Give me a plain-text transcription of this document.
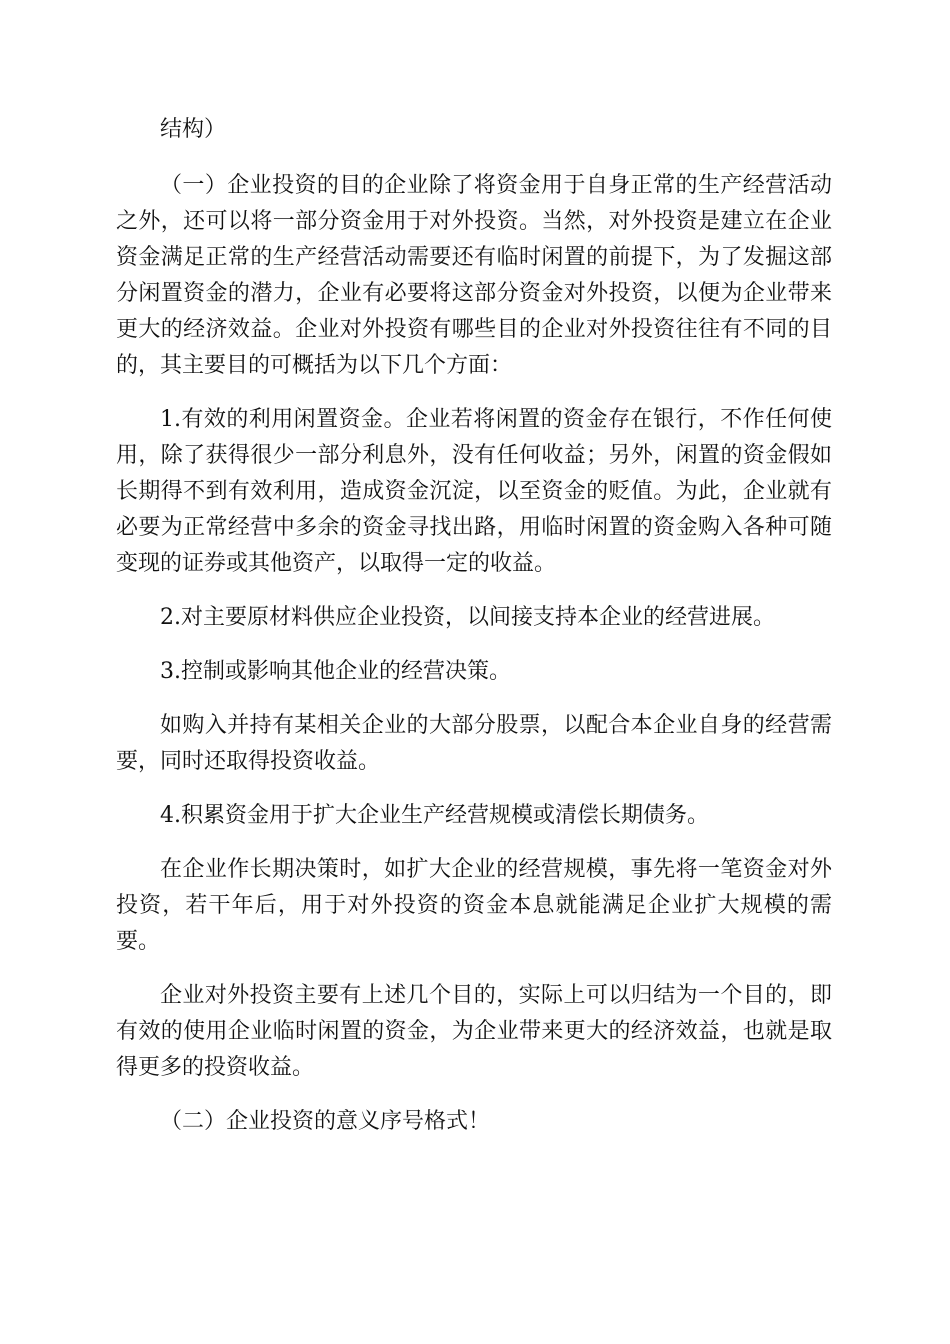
结构）

（一）企业投资的目的企业除了将资金用于自身正常的生产经营活动之外，还可以将一部分资金用于对外投资。当然，对外投资是建立在企业资金满足正常的生产经营活动需要还有临时闲置的前提下，为了发掘这部分闲置资金的潜力，企业有必要将这部分资金对外投资，以便为企业带来更大的经济效益。企业对外投资有哪些目的企业对外投资往往有不同的目的，其主要目的可概括为以下几个方面：

1.有效的利用闲置资金。企业若将闲置的资金存在银行，不作任何使用，除了获得很少一部分利息外，没有任何收益；另外，闲置的资金假如长期得不到有效利用，造成资金沉淀，以至资金的贬值。为此，企业就有必要为正常经营中多余的资金寻找出路，用临时闲置的资金购入各种可随变现的证券或其他资产，以取得一定的收益。

2.对主要原材料供应企业投资，以间接支持本企业的经营进展。

3.控制或影响其他企业的经营决策。

如购入并持有某相关企业的大部分股票，以配合本企业自身的经营需要，同时还取得投资收益。

4.积累资金用于扩大企业生产经营规模或清偿长期债务。

在企业作长期决策时，如扩大企业的经营规模，事先将一笔资金对外投资，若干年后，用于对外投资的资金本息就能满足企业扩大规模的需要。

企业对外投资主要有上述几个目的，实际上可以归结为一个目的，即有效的使用企业临时闲置的资金，为企业带来更大的经济效益，也就是取得更多的投资收益。

（二）企业投资的意义序号格式！
